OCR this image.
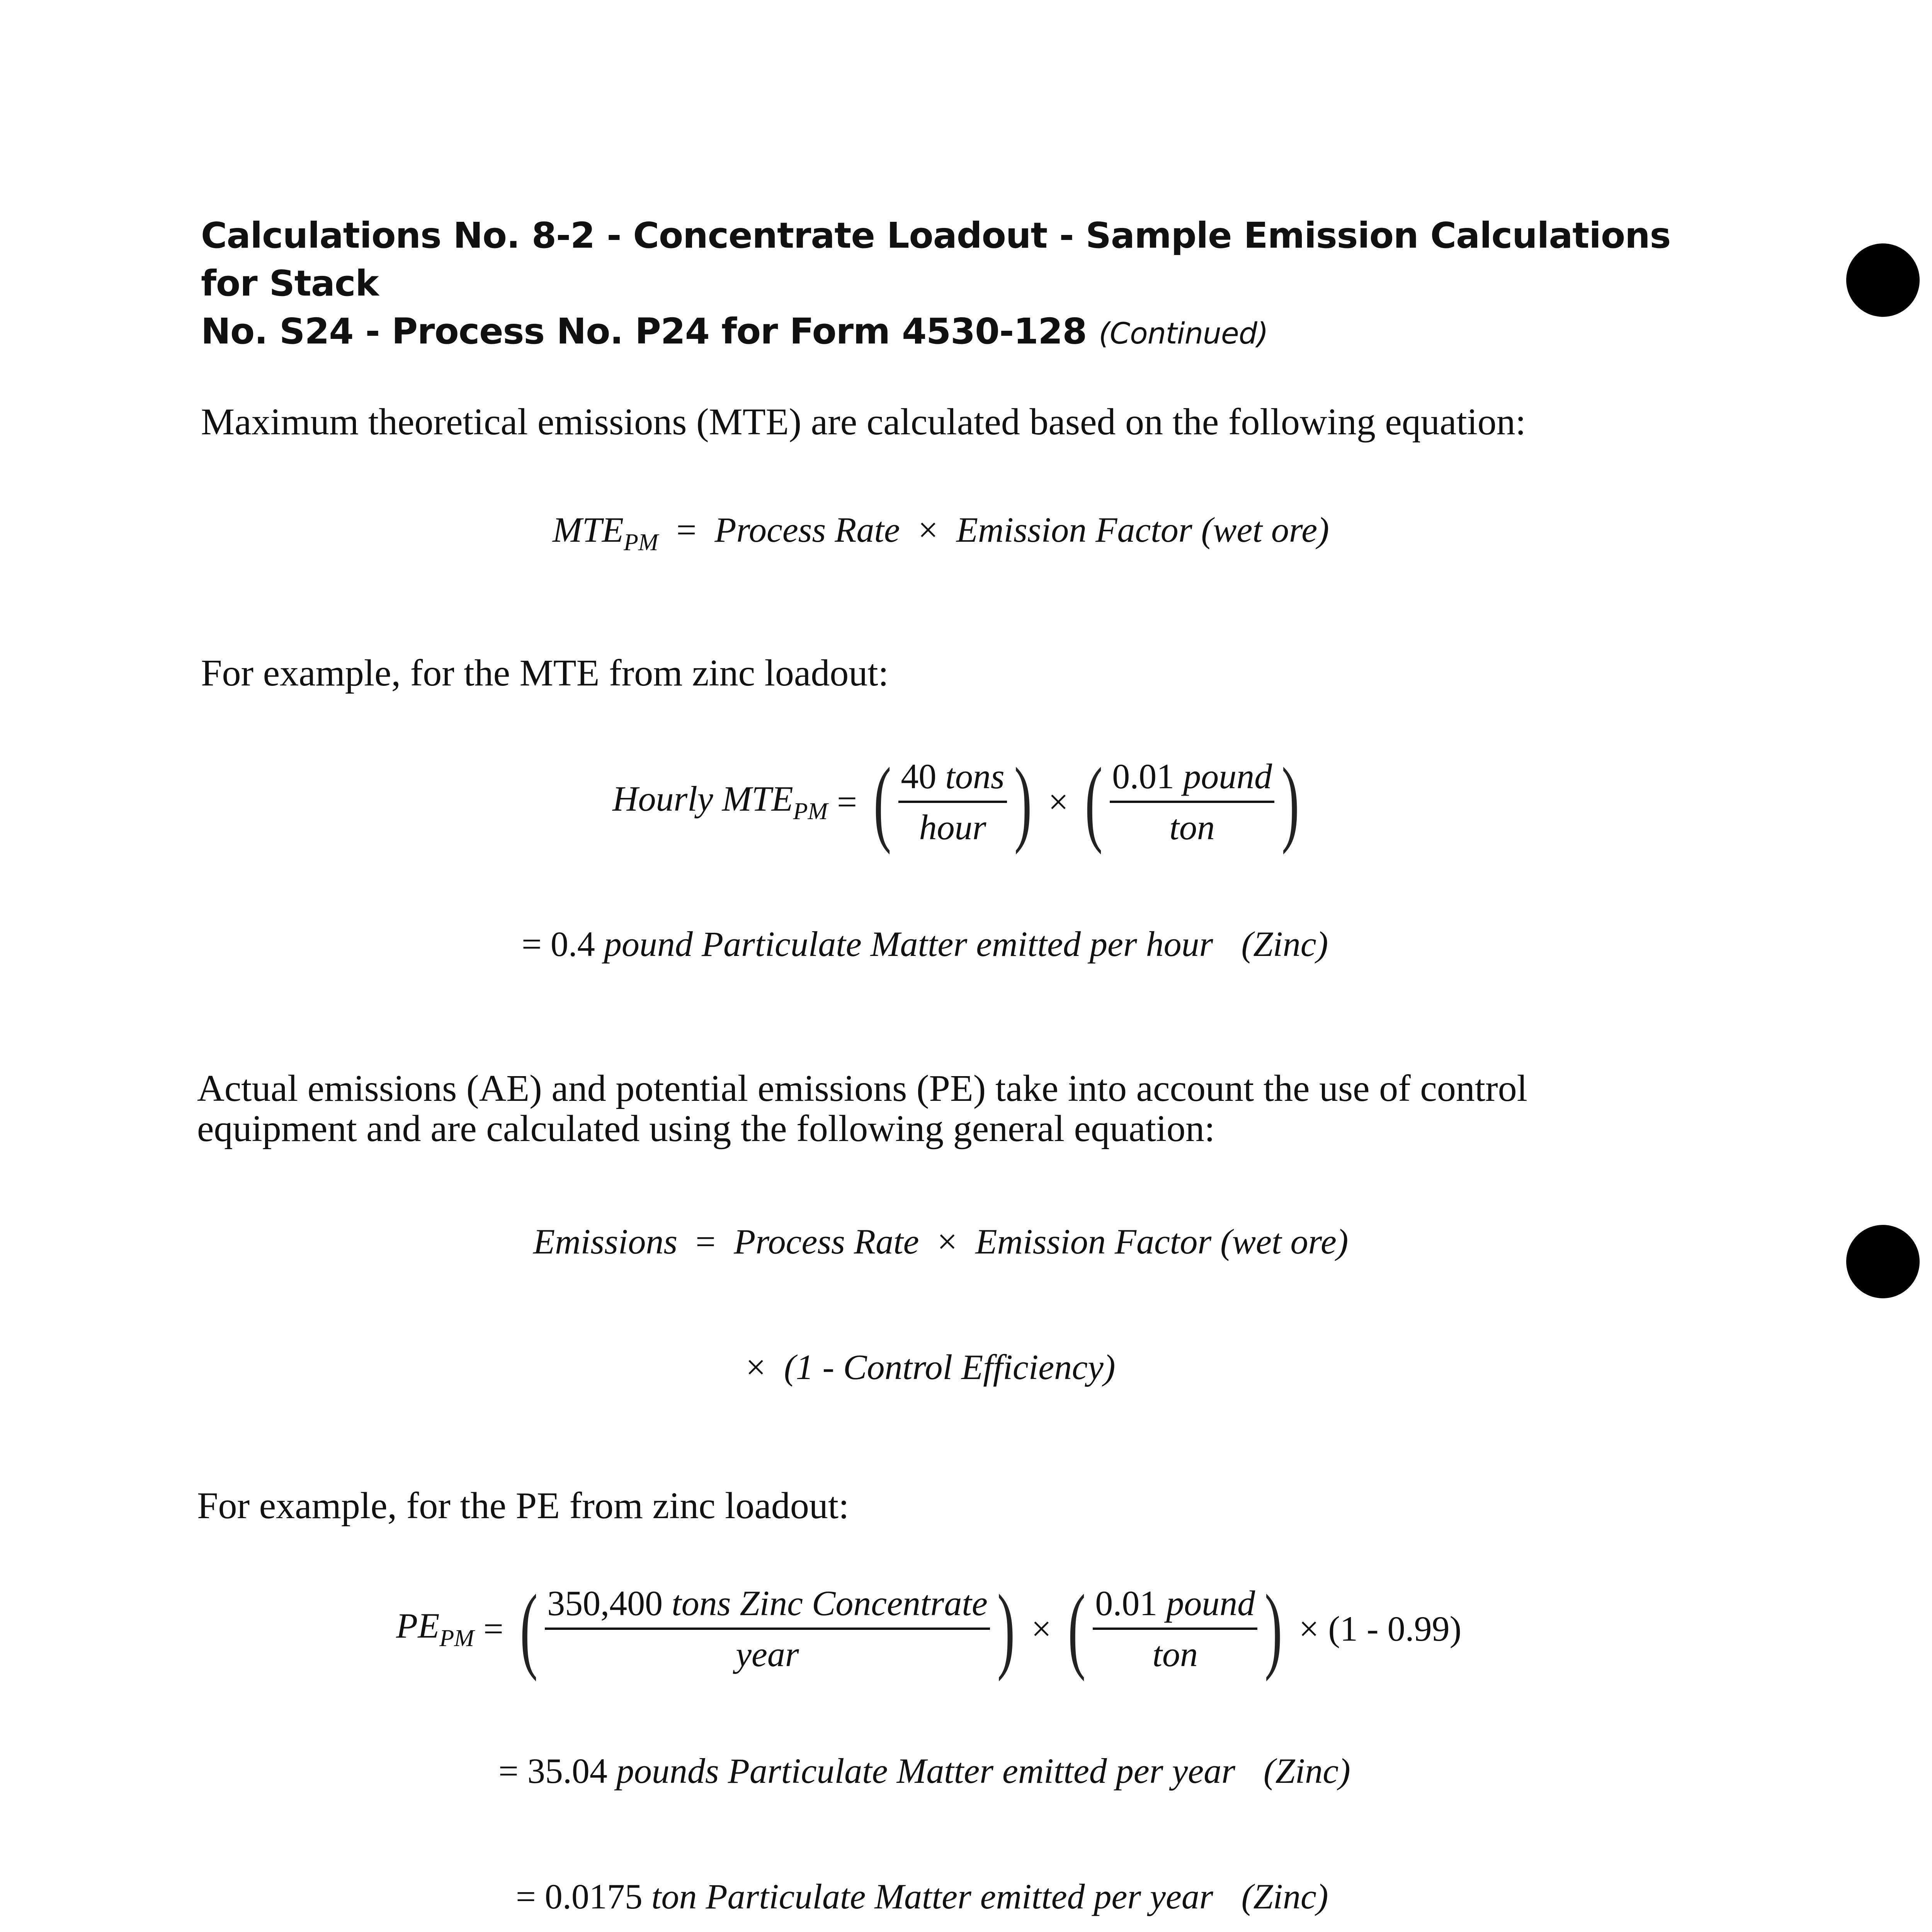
Calculations No. 8-2 - Concentrate Loadout - Sample Emission Calculations for Stack
No. S24 - Process No. P24 for Form 4530-128 (Continued)
Maximum theoretical emissions (MTE) are calculated based on the following equation:
$MTE_{PM}$ = Process Rate × Emission Factor (wet ore)
For example, for the MTE from zinc loadout:
Hourly $MTE_{PM}$ = ( $\frac{\text{40 tons}}{\text{hour}}$ ) × ( $\frac{\text{0.01 pound}}{\text{ton}}$ )
= 0.4 pound Particulate Matter emitted per hour (Zinc)
Actual emissions (AE) and potential emissions (PE) take into account the use of control
equipment and are calculated using the following general equation:
Emissions = Process Rate × Emission Factor (wet ore)
× (1 - Control Efficiency)
For example, for the PE from zinc loadout:
$PE_{PM}$ = ( $\frac{\text{350,400 tons Zinc Concentrate}}{\text{year}}$ ) × ( $\frac{\text{0.01 pound}}{\text{ton}}$ ) × (1 - 0.99)
= 35.04 pounds Particulate Matter emitted per year (Zinc)
= 0.0175 ton Particulate Matter emitted per year (Zinc)
